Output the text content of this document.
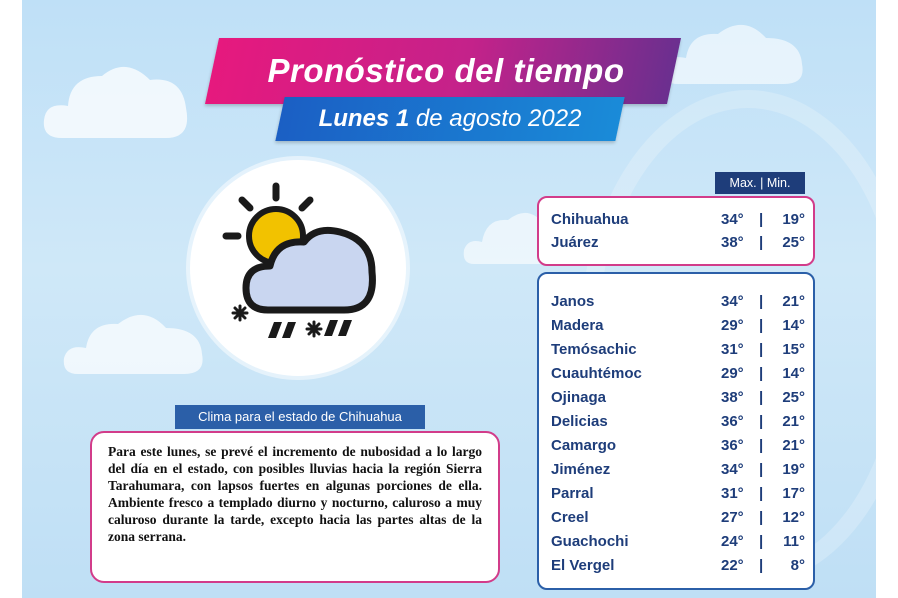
Pronóstico del tiempo
Lunes 1 de agosto 2022
Clima para el estado de Chihuahua

Para este lunes, se prevé el incremento de nubosidad a lo largo del día en el estado, con posibles lluvias hacia la región Sierra Tarahumara, con lapsos fuertes en algunas porciones de ella. Ambiente fresco a templado diurno y nocturno, caluroso a muy caluroso durante la tarde, excepto hacia las partes altas de la zona serrana.

Max. | Min.
Chihuahua	34°	|	19°
Juárez	38°	|	25°
Janos	34°	|	21°
Madera	29°	|	14°
Temósachic	31°	|	15°
Cuauhtémoc	29°	|	14°
Ojinaga	38°	|	25°
Delicias	36°	|	21°
Camargo	36°	|	21°
Jiménez	34°	|	19°
Parral	31°	|	17°
Creel	27°	|	12°
Guachochi	24°	|	11°
El Vergel	22°	|	8°
